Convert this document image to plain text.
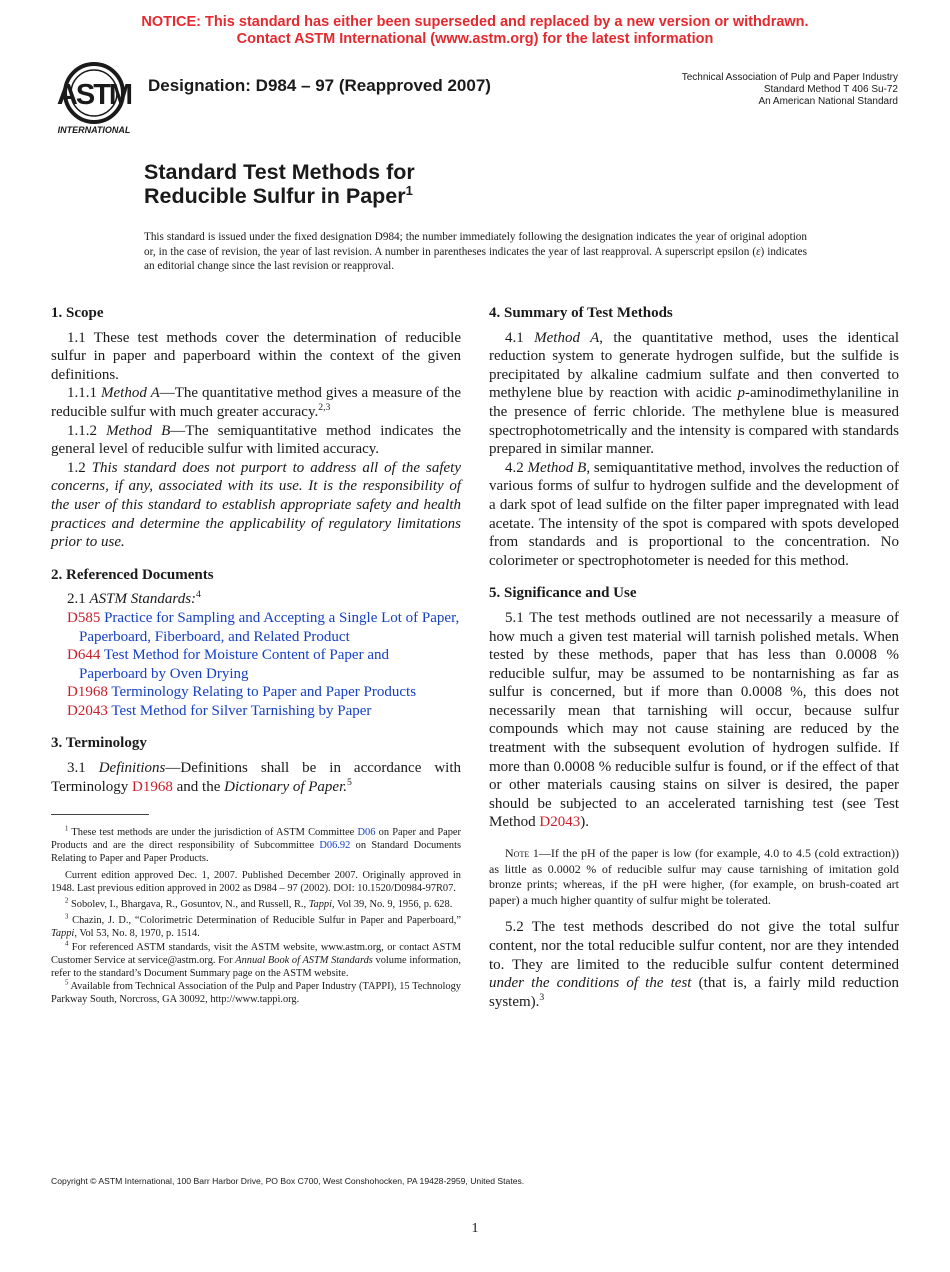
NOTICE: This standard has either been superseded and replaced by a new version or withdrawn.
Contact ASTM International (www.astm.org) for the latest information
ASTM
INTERNATIONAL
Designation: D984 – 97 (Reapproved 2007)	Technical Association of Pulp and Paper Industry
Standard Method T 406 Su-72
An American National Standard
Standard Test Methods for
Reducible Sulfur in Paper$^1$
This standard is issued under the fixed designation D984; the number immediately following the designation indicates the year of original adoption or, in the case of revision, the year of last revision. A number in parentheses indicates the year of last reapproval. A superscript epsilon (ε) indicates an editorial change since the last revision or reapproval.
1. Scope

1.1 These test methods cover the determination of reducible sulfur in paper and paperboard within the context of the given definitions.

1.1.1 Method A—The quantitative method gives a measure of the reducible sulfur with much greater accuracy.$^{2,3}$

1.1.2 Method B—The semiquantitative method indicates the general level of reducible sulfur with limited accuracy.

1.2 This standard does not purport to address all of the safety concerns, if any, associated with its use. It is the responsibility of the user of this standard to establish appropriate safety and health practices and determine the applicability of regulatory limitations prior to use.

2. Referenced Documents

2.1 ASTM Standards:$^4$

D585 Practice for Sampling and Accepting a Single Lot of Paper, Paperboard, Fiberboard, and Related Product
D644 Test Method for Moisture Content of Paper and Paperboard by Oven Drying
D1968 Terminology Relating to Paper and Paper Products
D2043 Test Method for Silver Tarnishing by Paper
3. Terminology

3.1 Definitions—Definitions shall be in accordance with Terminology D1968 and the Dictionary of Paper.$^5$

$^1$ These test methods are under the jurisdiction of ASTM Committee D06 on Paper and Paper Products and are the direct responsibility of Subcommittee D06.92 on Standard Documents Relating to Paper and Paper Products.

Current edition approved Dec. 1, 2007. Published December 2007. Originally approved in 1948. Last previous edition approved in 2002 as D984 – 97 (2002). DOI: 10.1520/D0984-97R07.

$^2$ Sobolev, I., Bhargava, R., Gosuntov, N., and Russell, R., Tappi, Vol 39, No. 9, 1956, p. 628.

$^3$ Chazin, J. D., “Colorimetric Determination of Reducible Sulfur in Paper and Paperboard,” Tappi, Vol 53, No. 8, 1970, p. 1514.

$^4$ For referenced ASTM standards, visit the ASTM website, www.astm.org, or contact ASTM Customer Service at service@astm.org. For Annual Book of ASTM Standards volume information, refer to the standard’s Document Summary page on the ASTM website.

$^5$ Available from Technical Association of the Pulp and Paper Industry (TAPPI), 15 Technology Parkway South, Norcross, GA 30092, http://www.tappi.org.

4. Summary of Test Methods

4.1 Method A, the quantitative method, uses the identical reduction system to generate hydrogen sulfide, but the sulfide is precipitated by alkaline cadmium sulfate and then converted to methylene blue by reaction with acidic p-aminodimethylaniline in the presence of ferric chloride. The methylene blue is measured spectrophotometrically and the intensity is compared with standards prepared in similar manner.

4.2 Method B, semiquantitative method, involves the reduction of various forms of sulfur to hydrogen sulfide and the development of a dark spot of lead sulfide on the filter paper impregnated with lead acetate. The intensity of the spot is compared with spots developed from standards and is proportional to the concentration. No colorimeter or spectrophotometer is needed for this method.

5. Significance and Use

5.1 The test methods outlined are not necessarily a measure of how much a given test material will tarnish polished metals. When tested by these methods, paper that has less than 0.0008 % reducible sulfur, may be assumed to be nontarnishing as far as sulfur is concerned, but if more than 0.0008 %, this does not necessarily mean that tarnishing will occur, because sulfur compounds which may not cause staining are reduced by the treatment with the subsequent evolution of hydrogen sulfide. If more than 0.0008 % reducible sulfur is found, or if the effect of that or other materials causing stains on silver is desired, the paper should be subjected to an accelerated tarnishing test (see Test Method D2043).

Note 1—If the pH of the paper is low (for example, 4.0 to 4.5 (cold extraction)) as little as 0.0002 % of reducible sulfur may cause tarnishing of imitation gold bronze prints; whereas, if the pH were higher, (for example, on brush-coated art paper) a much higher quantity of sulfur might be tolerated.

5.2 The test methods described do not give the total sulfur content, nor the total reducible sulfur content, nor are they intended to. They are limited to the reducible sulfur content determined under the conditions of the test (that is, a fairly mild reduction system).$^3$

Copyright © ASTM International, 100 Barr Harbor Drive, PO Box C700, West Conshohocken, PA 19428-2959, United States.
1
